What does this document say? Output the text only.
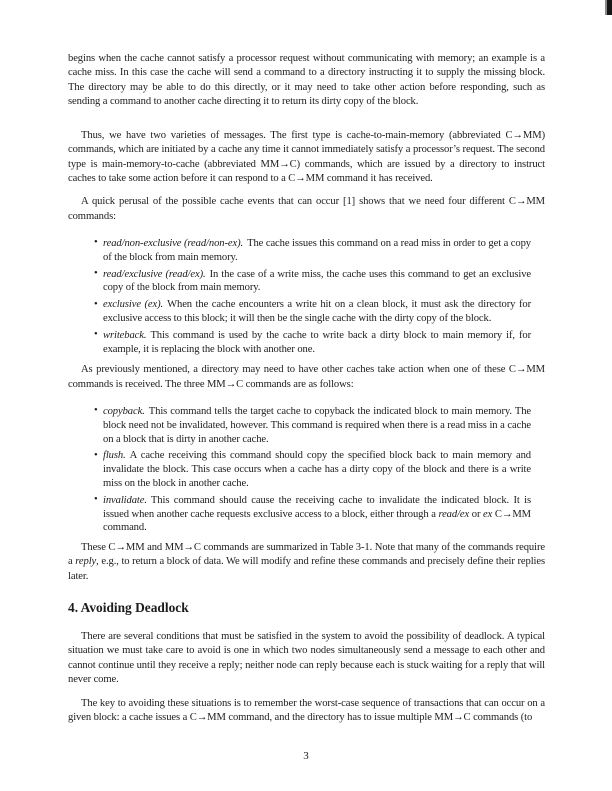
begins when the cache cannot satisfy a processor request without communicating with memory; an example is a cache miss. In this case the cache will send a command to a directory instructing it to supply the missing block. The directory may be able to do this directly, or it may need to take other action before responding, such as sending a command to another cache directing it to return its dirty copy of the block.

Thus, we have two varieties of messages. The first type is cache-to-main-memory (abbreviated C→MM) commands, which are initiated by a cache any time it cannot immediately satisfy a processor’s request. The second type is main-memory-to-cache (abbreviated MM→C) commands, which are issued by a directory to instruct caches to take some action before it can respond to a C→MM command it has received.

A quick perusal of the possible cache events that can occur [1] shows that we need four different C→MM commands:

• read/non-exclusive (read/non-ex). The cache issues this command on a read miss in order to get a copy of the block from main memory.
• read/exclusive (read/ex). In the case of a write miss, the cache uses this command to get an exclusive copy of the block from main memory.
• exclusive (ex). When the cache encounters a write hit on a clean block, it must ask the directory for exclusive access to this block; it will then be the single cache with the dirty copy of the block.
• writeback. This command is used by the cache to write back a dirty block to main memory if, for example, it is replacing the block with another one.

As previously mentioned, a directory may need to have other caches take action when one of these C→MM commands is received. The three MM→C commands are as follows:

• copyback. This command tells the target cache to copyback the indicated block to main memory. The block need not be invalidated, however. This command is required when there is a read miss in a cache on a block that is dirty in another cache.
• flush. A cache receiving this command should copy the specified block back to main memory and invalidate the block. This case occurs when a cache has a dirty copy of the block and there is a write miss on the block in another cache.
• invalidate. This command should cause the receiving cache to invalidate the indicated block. It is issued when another cache requests exclusive access to a block, either through a read/ex or ex C→MM command.

These C→MM and MM→C commands are summarized in Table 3-1. Note that many of the commands require a reply, e.g., to return a block of data. We will modify and refine these commands and precisely define their replies later.

4. Avoiding Deadlock

There are several conditions that must be satisfied in the system to avoid the possibility of deadlock. A typical situation we must take care to avoid is one in which two nodes simultaneously send a message to each other and cannot continue until they receive a reply; neither node can reply because each is stuck waiting for a reply that will never come.

The key to avoiding these situations is to remember the worst-case sequence of transactions that can occur on a given block: a cache issues a C→MM command, and the directory has to issue multiple MM→C commands (to

3
